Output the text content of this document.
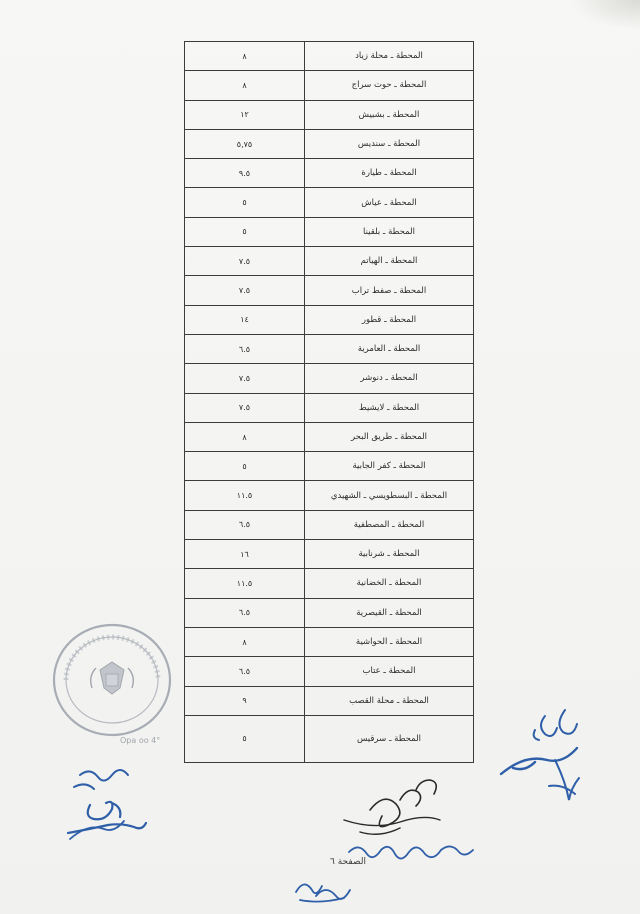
المحطة ـ محلة زياد	٨
المحطة ـ حوت سراج	٨
المحطة ـ بشبيش	١٢
المحطة ـ سنديس	٥,٧٥
المحطة ـ طيارة	٩.٥
المحطة ـ عياش	٥
المحطة ـ بلقينا	٥
المحطة ـ الهياتم	٧.٥
المحطة ـ صفط تراب	٧.٥
المحطة ـ قطور	١٤
المحطة ـ العامرية	٦.٥
المحطة ـ دنوشر	٧.٥
المحطة ـ لايشيط	٧.٥
المحطة ـ طريق البحر	٨
المحطة ـ كفر الجابية	٥
المحطة ـ البسطويسي ـ الشهيدي	١١.٥
المحطة ـ المصطفية	٦.٥
المحطة ـ شرنابية	١٦
المحطة ـ الخضانية	١١.٥
المحطة ـ القيصرية	٦.٥
المحطة ـ الحواشية	٨
المحطة ـ عتاب	٦.٥
المحطة ـ محلة القصب	٩
المحطة ـ سرقيس	٥
Opa oo 4°
الصفحة ٦
